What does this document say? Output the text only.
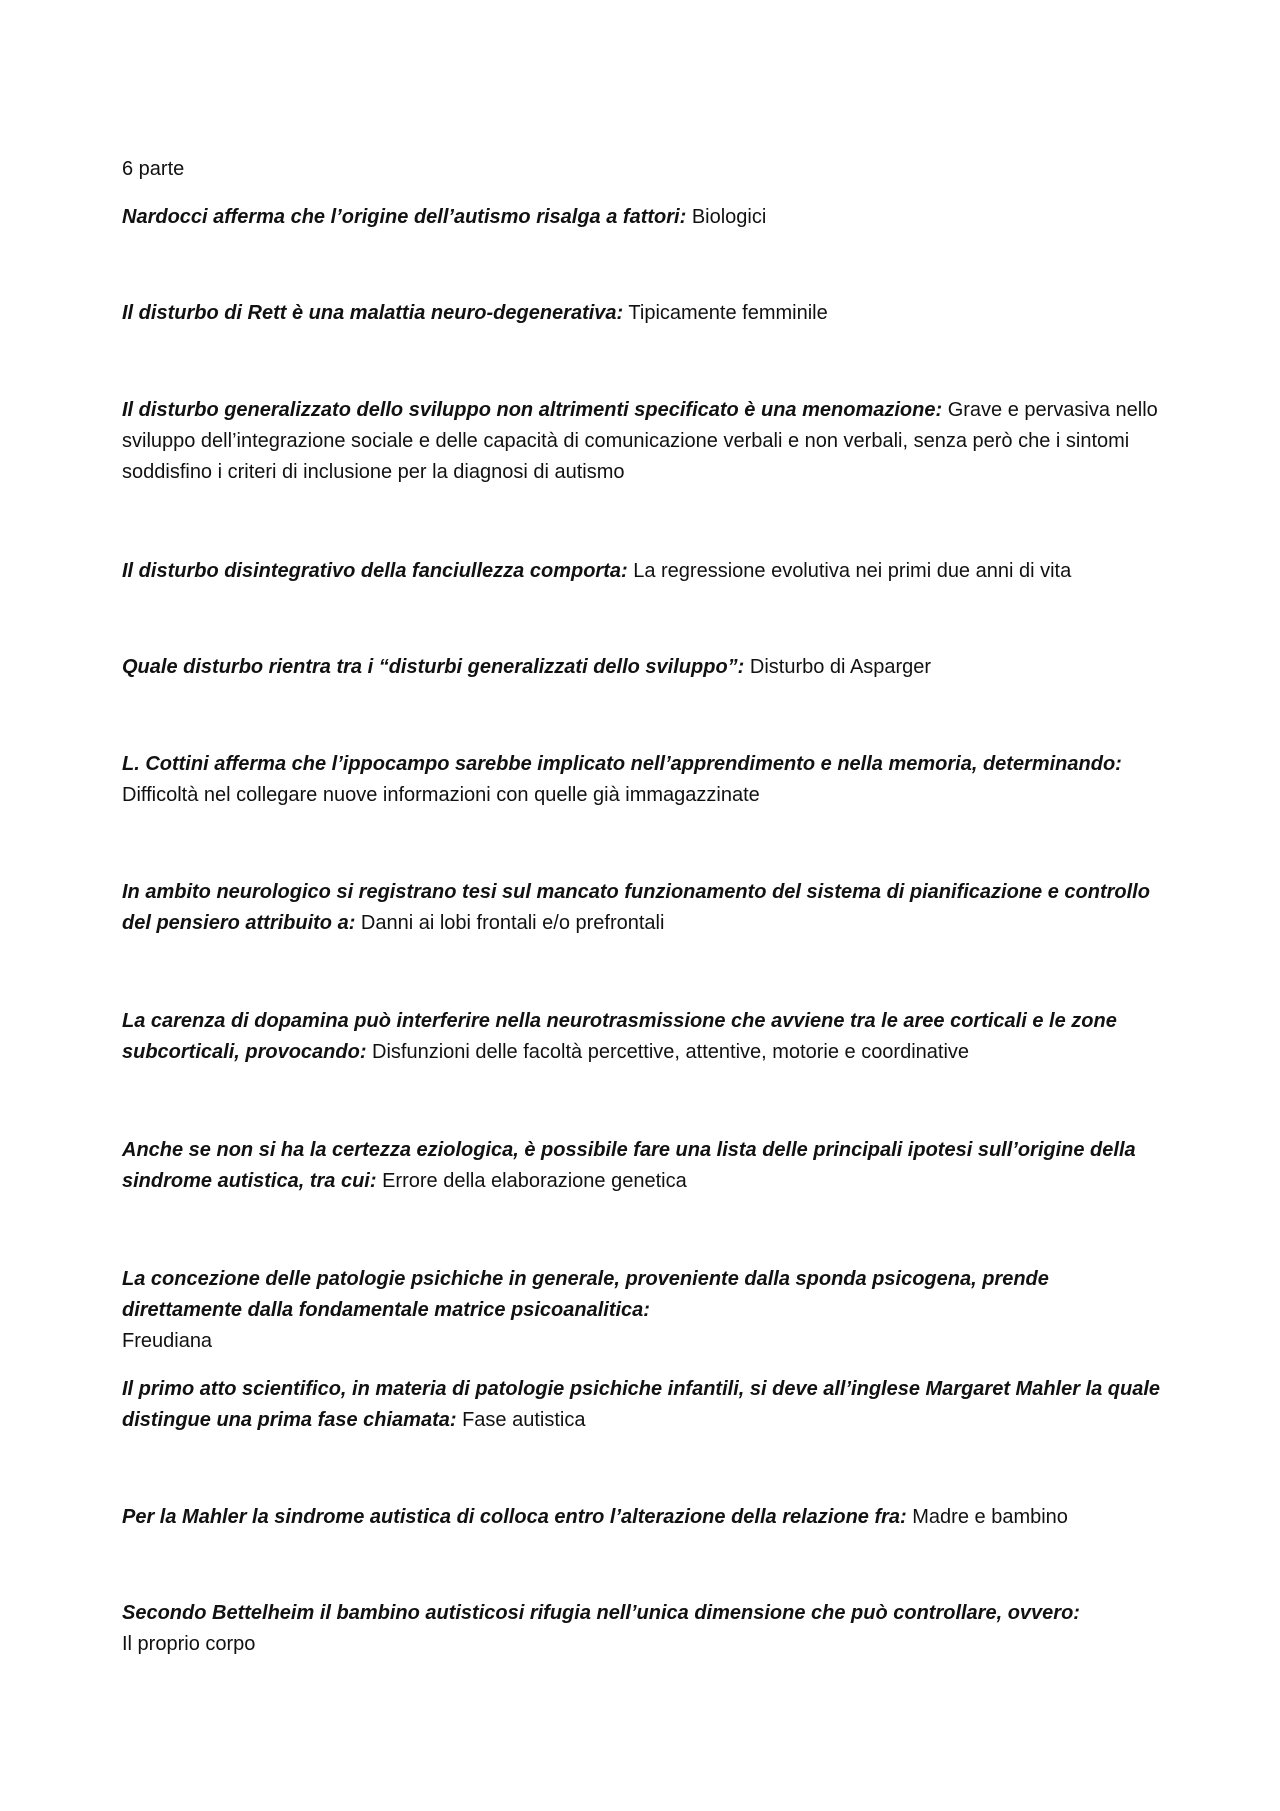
6 parte

Nardocci afferma che l’origine dell’autismo risalga a fattori: Biologici

Il disturbo di Rett è una malattia neuro-degenerativa: Tipicamente femminile

Il disturbo generalizzato dello sviluppo non altrimenti specificato è una menomazione: Grave e pervasiva nello sviluppo dell’integrazione sociale e delle capacità di comunicazione verbali e non verbali, senza però che i sintomi soddisfino i criteri di inclusione per la diagnosi di autismo

Il disturbo disintegrativo della fanciullezza comporta: La regressione evolutiva nei primi due anni di vita

Quale disturbo rientra tra i “disturbi generalizzati dello sviluppo”: Disturbo di Asparger

L. Cottini afferma che l’ippocampo sarebbe implicato nell’apprendimento e nella memoria, determinando: Difficoltà nel collegare nuove informazioni con quelle già immagazzinate

In ambito neurologico si registrano tesi sul mancato funzionamento del sistema di pianificazione e controllo del pensiero attribuito a: Danni ai lobi frontali e/o prefrontali

La carenza di dopamina può interferire nella neurotrasmissione che avviene tra le aree corticali e le zone subcorticali, provocando: Disfunzioni delle facoltà percettive, attentive, motorie e coordinative

Anche se non si ha la certezza eziologica, è possibile fare una lista delle principali ipotesi sull’origine della sindrome autistica, tra cui: Errore della elaborazione genetica

La concezione delle patologie psichiche in generale, proveniente dalla sponda psicogena, prende direttamente dalla fondamentale matrice psicoanalitica:
Freudiana

Il primo atto scientifico, in materia di patologie psichiche infantili, si deve all’inglese Margaret Mahler la quale distingue una prima fase chiamata: Fase autistica

Per la Mahler la sindrome autistica di colloca entro l’alterazione della relazione fra: Madre e bambino

Secondo Bettelheim il bambino autisticosi rifugia nell’unica dimensione che può controllare, ovvero:
Il proprio corpo
